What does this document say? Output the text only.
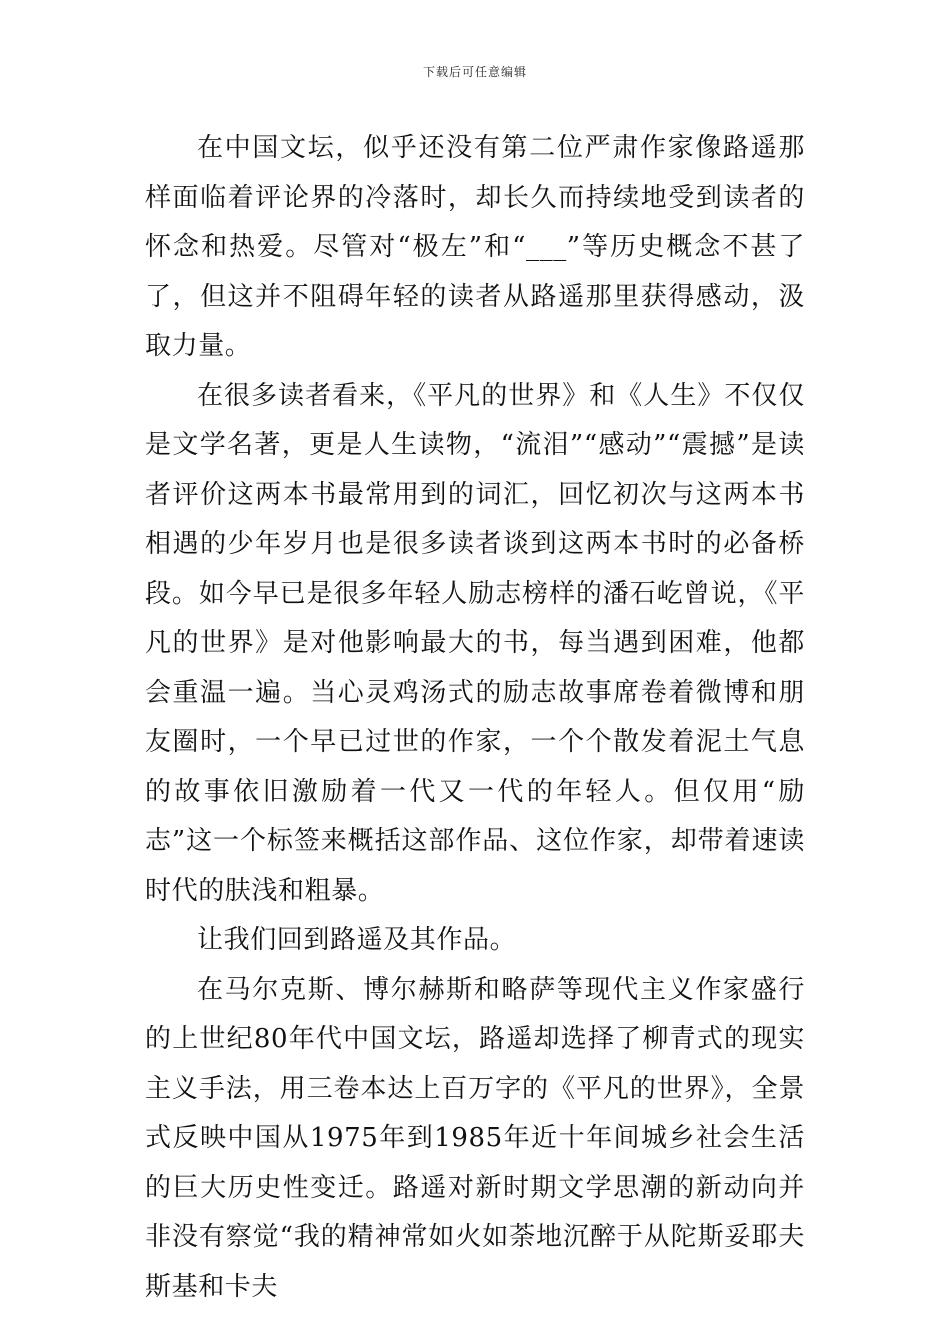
下载后可任意编辑

在中国文坛，似乎还没有第二位严肃作家像路遥那样面临着评论界的冷落时，却长久而持续地受到读者的怀念和热爱。尽管对“极左”和“___”等历史概念不甚了了，但这并不阻碍年轻的读者从路遥那里获得感动，汲取力量。

在很多读者看来，《平凡的世界》和《人生》不仅仅是文学名著，更是人生读物，“流泪”“感动”“震撼”是读者评价这两本书最常用到的词汇，回忆初次与这两本书相遇的少年岁月也是很多读者谈到这两本书时的必备桥段。如今早已是很多年轻人励志榜样的潘石屹曾说，《平凡的世界》是对他影响最大的书，每当遇到困难，他都会重温一遍。当心灵鸡汤式的励志故事席卷着微博和朋友圈时，一个早已过世的作家，一个个散发着泥土气息的故事依旧激励着一代又一代的年轻人。但仅用“励志”这一个标签来概括这部作品、这位作家，却带着速读时代的肤浅和粗暴。

让我们回到路遥及其作品。

在马尔克斯、博尔赫斯和略萨等现代主义作家盛行的上世纪80年代中国文坛，路遥却选择了柳青式的现实主义手法，用三卷本达上百万字的《平凡的世界》，全景式反映中国从1975年到1985年近十年间城乡社会生活的巨大历史性变迁。路遥对新时期文学思潮的新动向并非没有察觉“我的精神常如火如荼地沉醉于从陀斯妥耶夫斯基和卡夫
